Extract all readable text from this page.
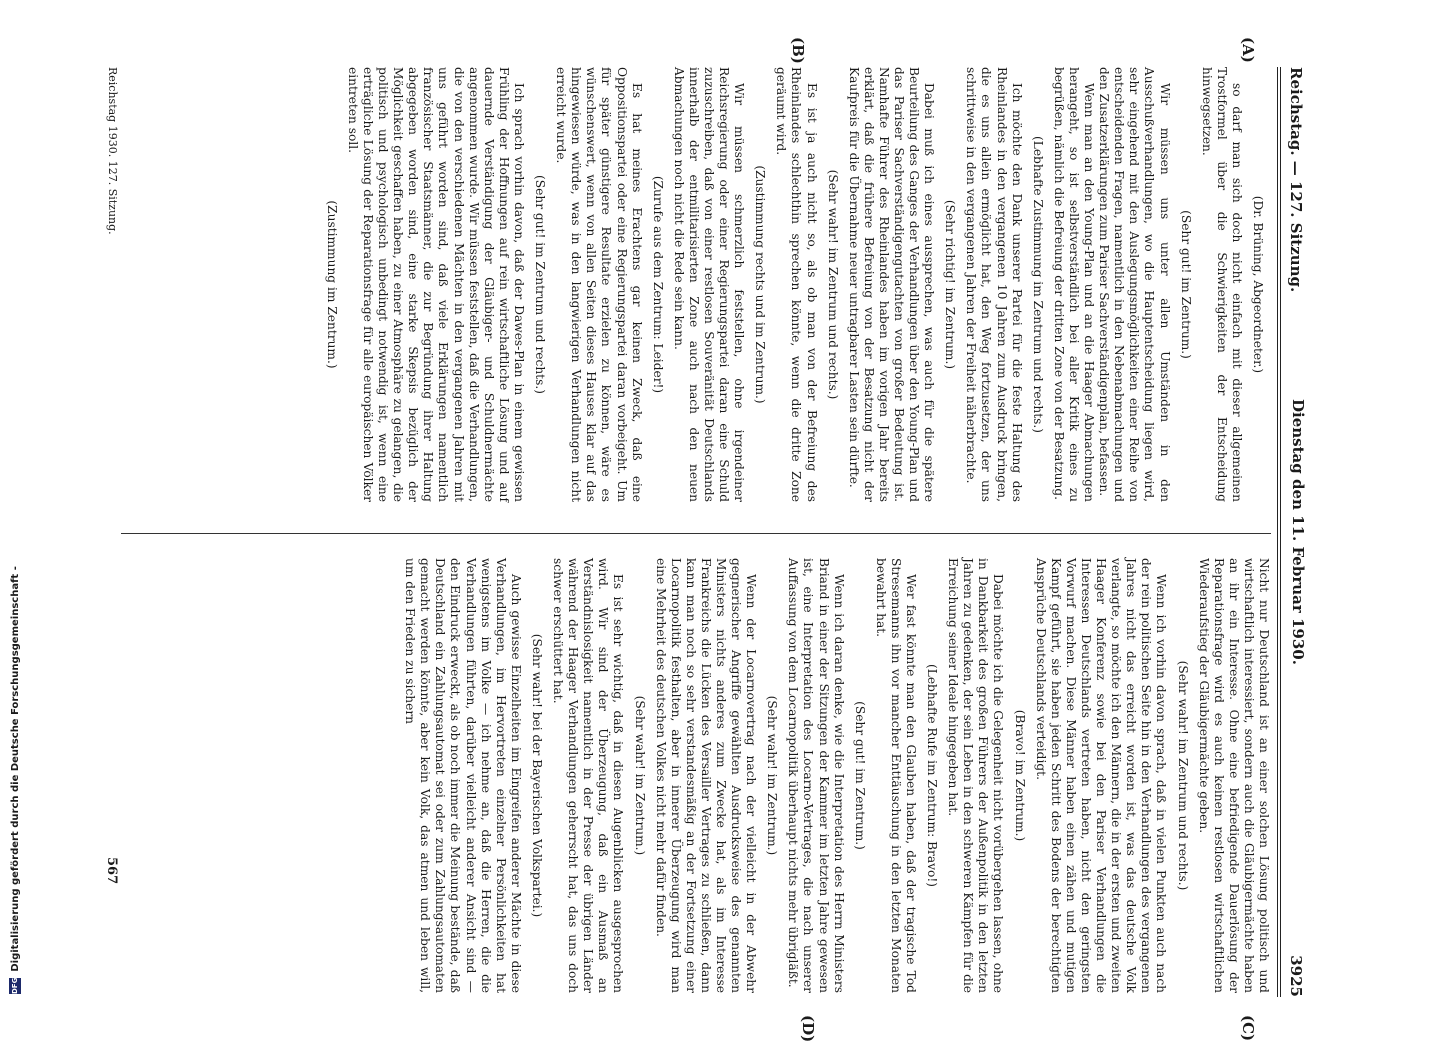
Reichstag. — 127. Sitzung.
Dienstag den 11. Februar 1930.
3925
(A)
(B)
(C)
(D)

(Dr. Brüning, Abgeordneter.)

so darf man sich doch nicht einfach mit dieser allgemeinen Trostformel über die Schwierigkeiten der Entscheidung hinwegsetzen.

(Sehr gut! im Zentrum.)

Wir müssen uns unter allen Umständen in den Ausschußverhandlungen, wo die Hauptentscheidung liegen wird, sehr eingehend mit den Auslegungsmöglichkeiten einer Reihe von entscheidenden Fragen, namentlich in den Nebenabmachungen und den Zusatzerklärungen zum Pariser Sachverständigenplan, befassen.

Wenn man an den Young-Plan und an die Haager Abmachungen herangeht, so ist selbstverständlich bei aller Kritik eines zu begrüßen, nämlich die Befreiung der dritten Zone von der Besatzung.

(Lebhafte Zustimmung im Zentrum und rechts.)

Ich möchte den Dank unserer Partei für die feste Haltung des Rheinlandes in den vergangenen 10 Jahren zum Ausdruck bringen, die es uns allein ermöglicht hat, den Weg fortzusetzen, der uns schrittweise in den vergangenen Jahren der Freiheit näherbrachte.

(Sehr richtig! im Zentrum.)

Dabei muß ich eines aussprechen, was auch für die spätere Beurteilung des Ganges der Verhandlungen über den Young-Plan und das Pariser Sachverständigengutachten von großer Bedeutung ist. Namhafte Führer des Rheinlandes haben im vorigen Jahr bereits erklärt, daß die frühere Befreiung von der Besatzung nicht der Kaufpreis für die Übernahme neuer untragbarer Lasten sein dürfte.

(Sehr wahr! im Zentrum und rechts.)

Es ist ja auch nicht so, als ob man von der Befreiung des Rheinlandes schlechthin sprechen könnte, wenn die dritte Zone geräumt wird.

(Zustimmung rechts und im Zentrum.)

Wir müssen schmerzlich feststellen, ohne irgendeiner Reichsregierung oder einer Regierungspartei daran eine Schuld zuzuschreiben, daß von einer restlosen Souveränität Deutschlands innerhalb der entmilitarisierten Zone auch nach den neuen Abmachungen noch nicht die Rede sein kann.

(Zurufe aus dem Zentrum: Leider!)

Es hat meines Erachtens gar keinen Zweck, daß eine Oppositionspartei oder eine Regierungspartei daran vorbeigeht. Um für später günstigere Resultate erzielen zu können, wäre es wünschenswert, wenn von allen Seiten dieses Hauses klar auf das hingewiesen würde, was in den langwierigen Verhandlungen nicht erreicht wurde.

(Sehr gut! im Zentrum und rechts.)

Ich sprach vorhin davon, daß der Dawes-Plan in einem gewissen Frühling der Hoffnungen auf rein wirtschaftliche Lösung und auf dauernde Verständigung der Gläubiger- und Schuldnermächte angenommen wurde. Wir müssen feststellen, daß die Verhandlungen, die von den verschiedenen Mächten in den vergangenen Jahren mit uns geführt worden sind, daß viele Erklärungen namentlich französischer Staatsmänner, die zur Begründung ihrer Haltung abgegeben worden sind, eine starke Skepsis bezüglich der Möglichkeit geschaffen haben, zu einer Atmosphäre zu gelangen, die politisch und psychologisch unbedingt notwendig ist, wenn eine erträgliche Lösung der Reparationsfrage für alle europäischen Völker eintreten soll.

(Zustimmung im Zentrum.)

Nicht nur Deutschland ist an einer solchen Lösung politisch und wirtschaftlich interessiert, sondern auch die Gläubigermächte haben an ihr ein Interesse. Ohne eine befriedigende Dauerlösung der Reparationsfrage wird es auch keinen restlosen wirtschaftlichen Wiederaufstieg der Gläubigermächte geben.

(Sehr wahr! im Zentrum und rechts.)

Wenn ich vorhin davon sprach, daß in vielen Punkten auch nach der rein politischen Seite hin in den Verhandlungen des vergangenen Jahres nicht das erreicht worden ist, was das deutsche Volk verlangte, so möchte ich den Männern, die in der ersten und zweiten Haager Konferenz sowie bei den Pariser Verhandlungen die Interessen Deutschlands vertreten haben, nicht den geringsten Vorwurf machen. Diese Männer haben einen zähen und mutigen Kampf geführt, sie haben jeden Schritt des Bodens der berechtigten Ansprüche Deutschlands verteidigt.

(Bravo! im Zentrum.)

Dabei möchte ich die Gelegenheit nicht vorübergehen lassen, ohne in Dankbarkeit des großen Führers der Außenpolitik in den letzten Jahren zu gedenken, der sein Leben in den schweren Kämpfen für die Erreichung seiner Ideale hingegeben hat.

(Lebhafte Rufe im Zentrum: Bravo!)

Wer fast könnte man den Glauben haben, daß der tragische Tod Stresemanns ihn vor mancher Enttäuschung in den letzten Monaten bewahrt hat.

(Sehr gut! im Zentrum.)

Wenn ich daran denke, wie die Interpretation des Herrn Ministers Briand in einer der Sitzungen der Kammer im letzten Jahre gewesen ist, eine Interpretation des Locarno-Vertrages, die nach unserer Auffassung von dem Locarnopolitik überhaupt nichts mehr übrigläßt.

(Sehr wahr! im Zentrum.)

Wenn der Locarnovertrag nach der vielleicht in der Abwehr gegnerischer Angriffe gewählten Ausdrucksweise des genannten Ministers nichts anderes zum Zwecke hat, als im Interesse Frankreichs die Lücken des Versailler Vertrages zu schließen, dann kann man noch so sehr verstandesmäßig an der Fortsetzung einer Locarnopolitik festhalten, aber in innerer Überzeugung wird man eine Mehrheit des deutschen Volkes nicht mehr dafür finden.

(Sehr wahr! im Zentrum.)

Es ist sehr wichtig, daß in diesen Augenblicken ausgesprochen wird. Wir sind der Überzeugung, daß ein Ausmaß an Verständnislosigkeit namentlich in der Presse der übrigen Länder während der Haager Verhandlungen geherrscht hat, das uns doch schwer erschüttert hat.

(Sehr wahr! bei der Bayerischen Volkspartei.)

Auch gewisse Einzelheiten im Eingreifen anderer Mächte in diese Verhandlungen, im Hervortreten einzelner Persönlichkeiten hat wenigstens im Volke — ich nehme an, daß die Herren, die die Verhandlungen führten, darüber vielleicht anderer Ansicht sind — den Eindruck erweckt, als ob noch immer die Meinung bestände, daß Deutschland ein Zahlungsautomat sei oder zum Zahlungsautomaten gemacht werden könnte, aber kein Volk, das atmen und leben will, um den Frieden zu sichern

Reichstag 1930. 127. Sitzung.
567
DFG
Digitalisierung gefördert durch die Deutsche Forschungsgemeinschaft -
